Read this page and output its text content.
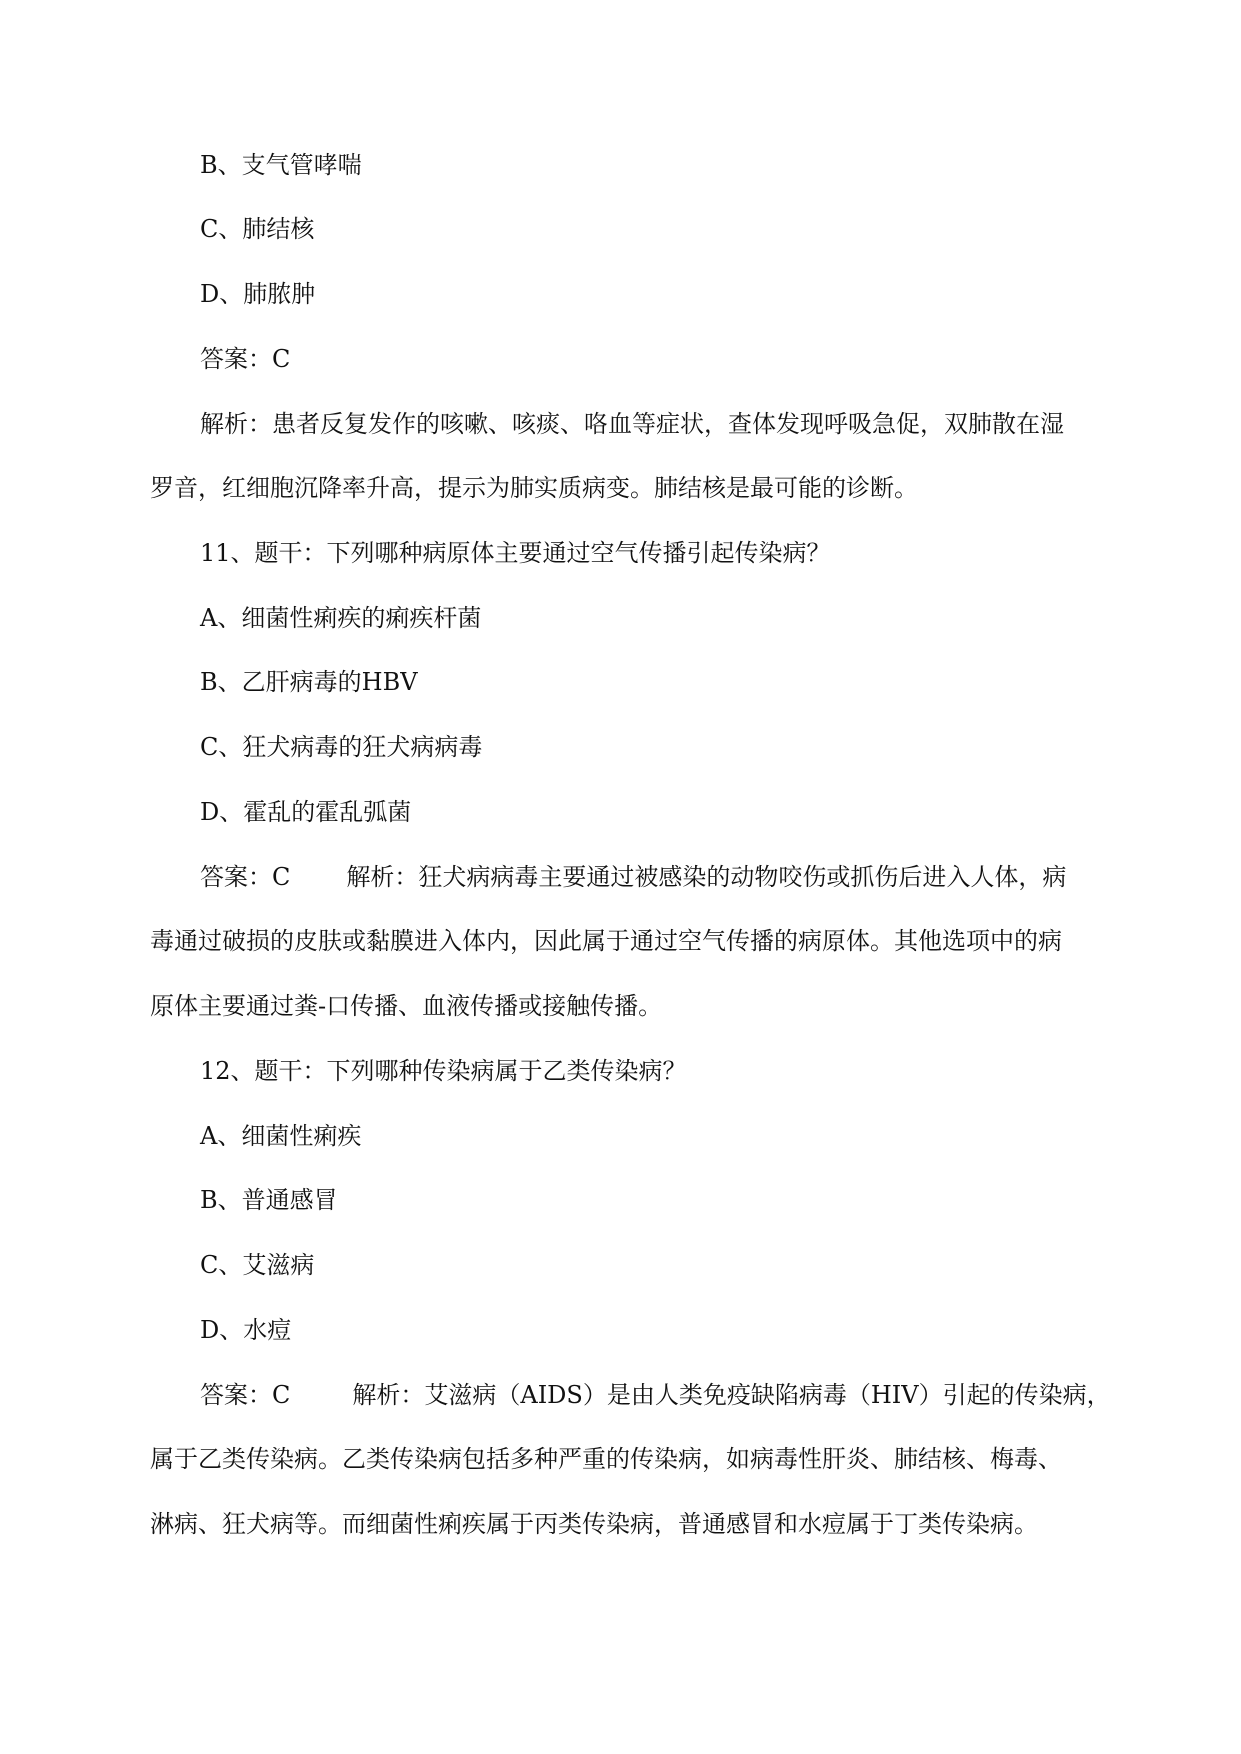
B、支气管哮喘
C、肺结核
D、肺脓肿
答案：C
解析：患者反复发作的咳嗽、咳痰、咯血等症状，查体发现呼吸急促，双肺散在湿
罗音，红细胞沉降率升高，提示为肺实质病变。肺结核是最可能的诊断。
11、题干：下列哪种病原体主要通过空气传播引起传染病？
A、细菌性痢疾的痢疾杆菌
B、乙肝病毒的HBV
C、狂犬病毒的狂犬病病毒
D、霍乱的霍乱弧菌
答案：C 解析：狂犬病病毒主要通过被感染的动物咬伤或抓伤后进入人体，病
毒通过破损的皮肤或黏膜进入体内，因此属于通过空气传播的病原体。其他选项中的病
原体主要通过粪-口传播、血液传播或接触传播。
12、题干：下列哪种传染病属于乙类传染病？
A、细菌性痢疾
B、普通感冒
C、艾滋病
D、水痘
答案：C	解析：艾滋病（AIDS）是由人类免疫缺陷病毒（HIV）引起的传染病，
属于乙类传染病。乙类传染病包括多种严重的传染病，如病毒性肝炎、肺结核、梅毒、
淋病、狂犬病等。而细菌性痢疾属于丙类传染病，普通感冒和水痘属于丁类传染病。
